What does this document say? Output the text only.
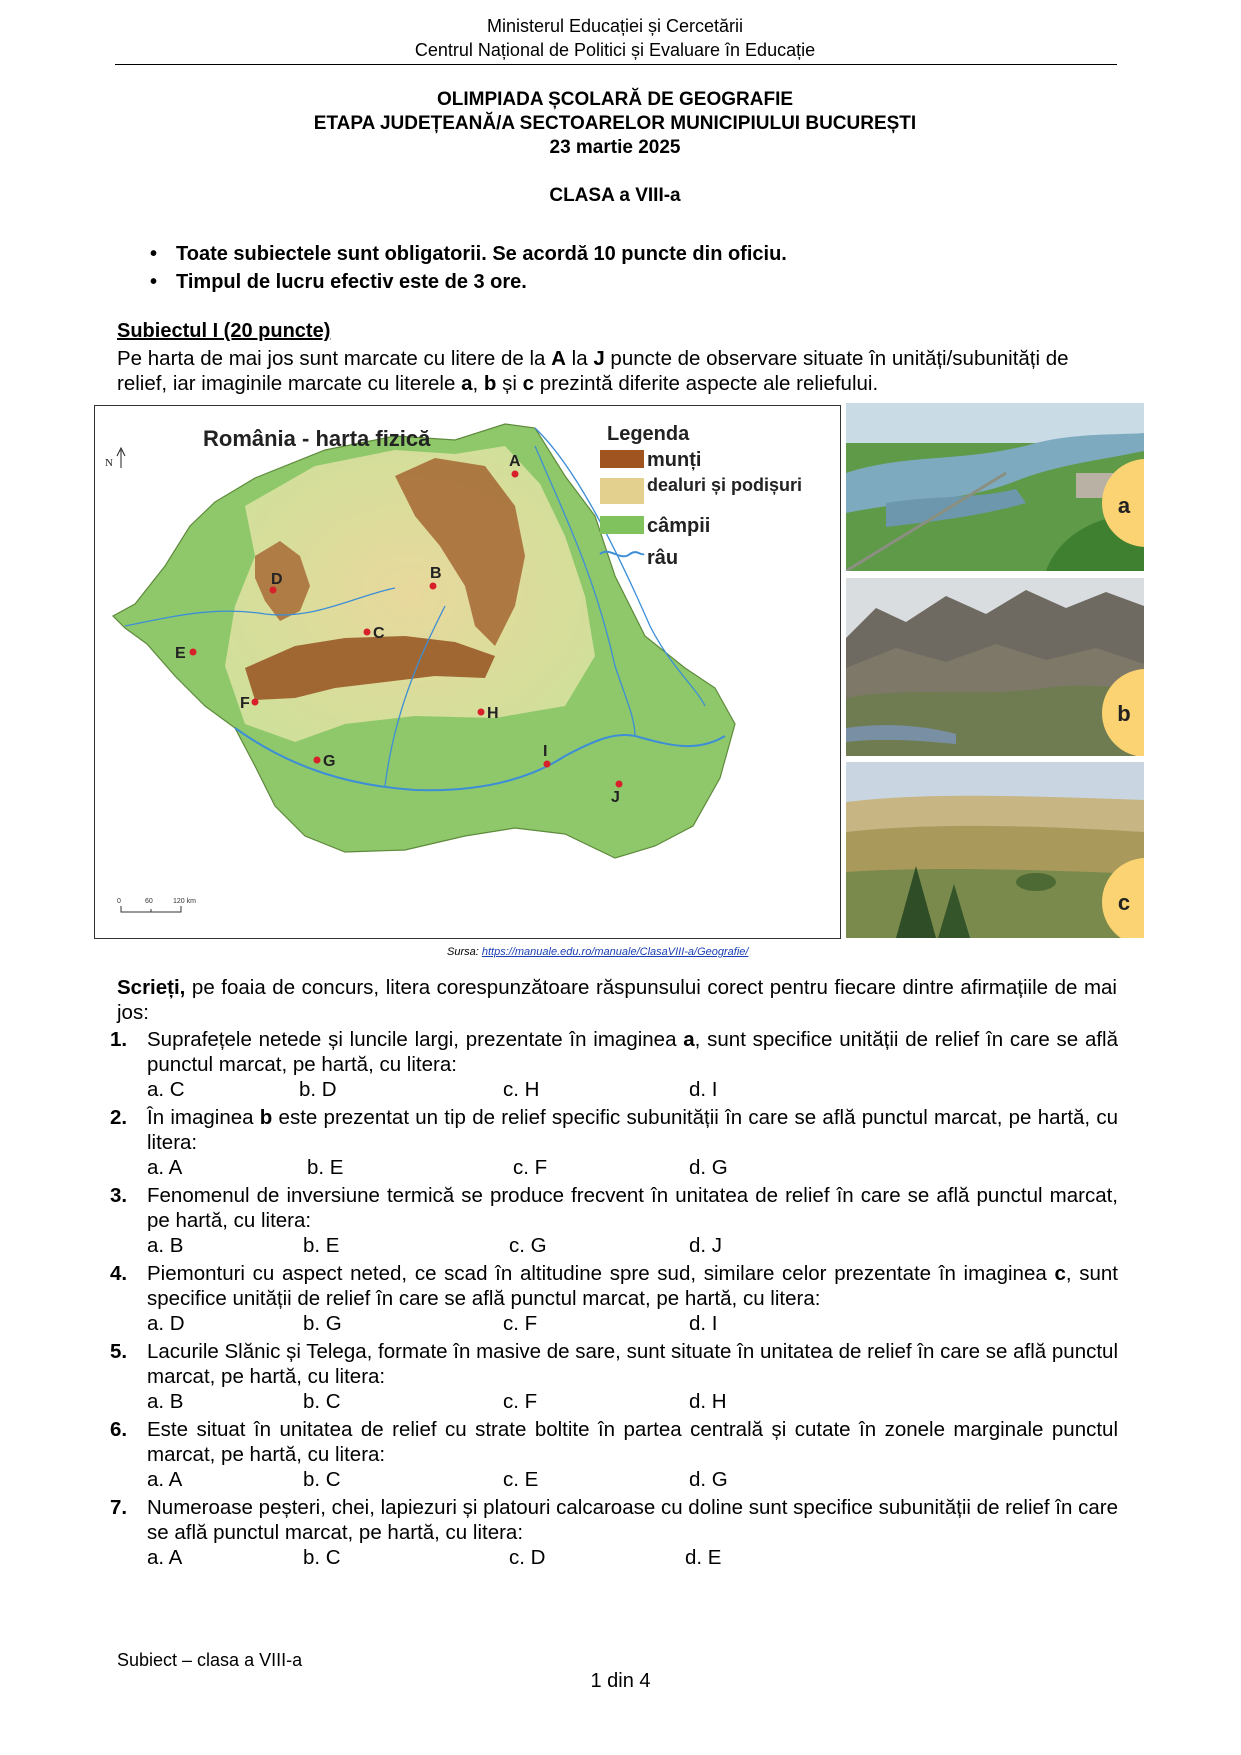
Ministerul Educației și Cercetării
Centrul Național de Politici și Evaluare în Educație
OLIMPIADA ȘCOLARĂ DE GEOGRAFIE
ETAPA JUDEȚEANĂ/A SECTOARELOR MUNICIPIULUI BUCUREȘTI
23 martie 2025
CLASA a VIII-a
• Toate subiectele sunt obligatorii. Se acordă 10 puncte din oficiu.
• Timpul de lucru efectiv este de 3 ore.
Subiectul I (20 puncte)
Pe harta de mai jos sunt marcate cu litere de la A la J puncte de observare situate în unități/subunități de relief, iar imaginile marcate cu literele a, b și c prezintă diferite aspecte ale reliefului.
România - harta fizică
N
Legenda
munți
dealuri și podișuri
câmpii
râu
A
B
C
D
E
F
G
H
I
J
0	60	120 km
a
b
c
Sursa: https://manuale.edu.ro/manuale/ClasaVIII-a/Geografie/
Scrieți, pe foaia de concurs, litera corespunzătoare răspunsului corect pentru fiecare dintre afirmațiile de mai jos:
1. Suprafețele netede și luncile largi, prezentate în imaginea a, sunt specifice unității de relief în care se află punctul marcat, pe hartă, cu litera:
a. C	b. D	c. H	d. I
2. În imaginea b este prezentat un tip de relief specific subunității în care se află punctul marcat, pe hartă, cu litera:
a. A	b. E	c. F	d. G
3. Fenomenul de inversiune termică se produce frecvent în unitatea de relief în care se află punctul marcat, pe hartă, cu litera:
a. B	b. E	c. G	d. J
4. Piemonturi cu aspect neted, ce scad în altitudine spre sud, similare celor prezentate în imaginea c, sunt specifice unității de relief în care se află punctul marcat, pe hartă, cu litera:
a. D	b. G	c. F	d. I
5. Lacurile Slănic și Telega, formate în masive de sare, sunt situate în unitatea de relief în care se află punctul marcat, pe hartă, cu litera:
a. B	b. C	c. F	d. H
6. Este situat în unitatea de relief cu strate boltite în partea centrală și cutate în zonele marginale punctul marcat, pe hartă, cu litera:
a. A	b. C	c. E	d. G
7. Numeroase peșteri, chei, lapiezuri și platouri calcaroase cu doline sunt specifice subunității de relief în care se află punctul marcat, pe hartă, cu litera:
a. A	b. C	c. D	d. E
Subiect – clasa a VIII-a
1 din 4
